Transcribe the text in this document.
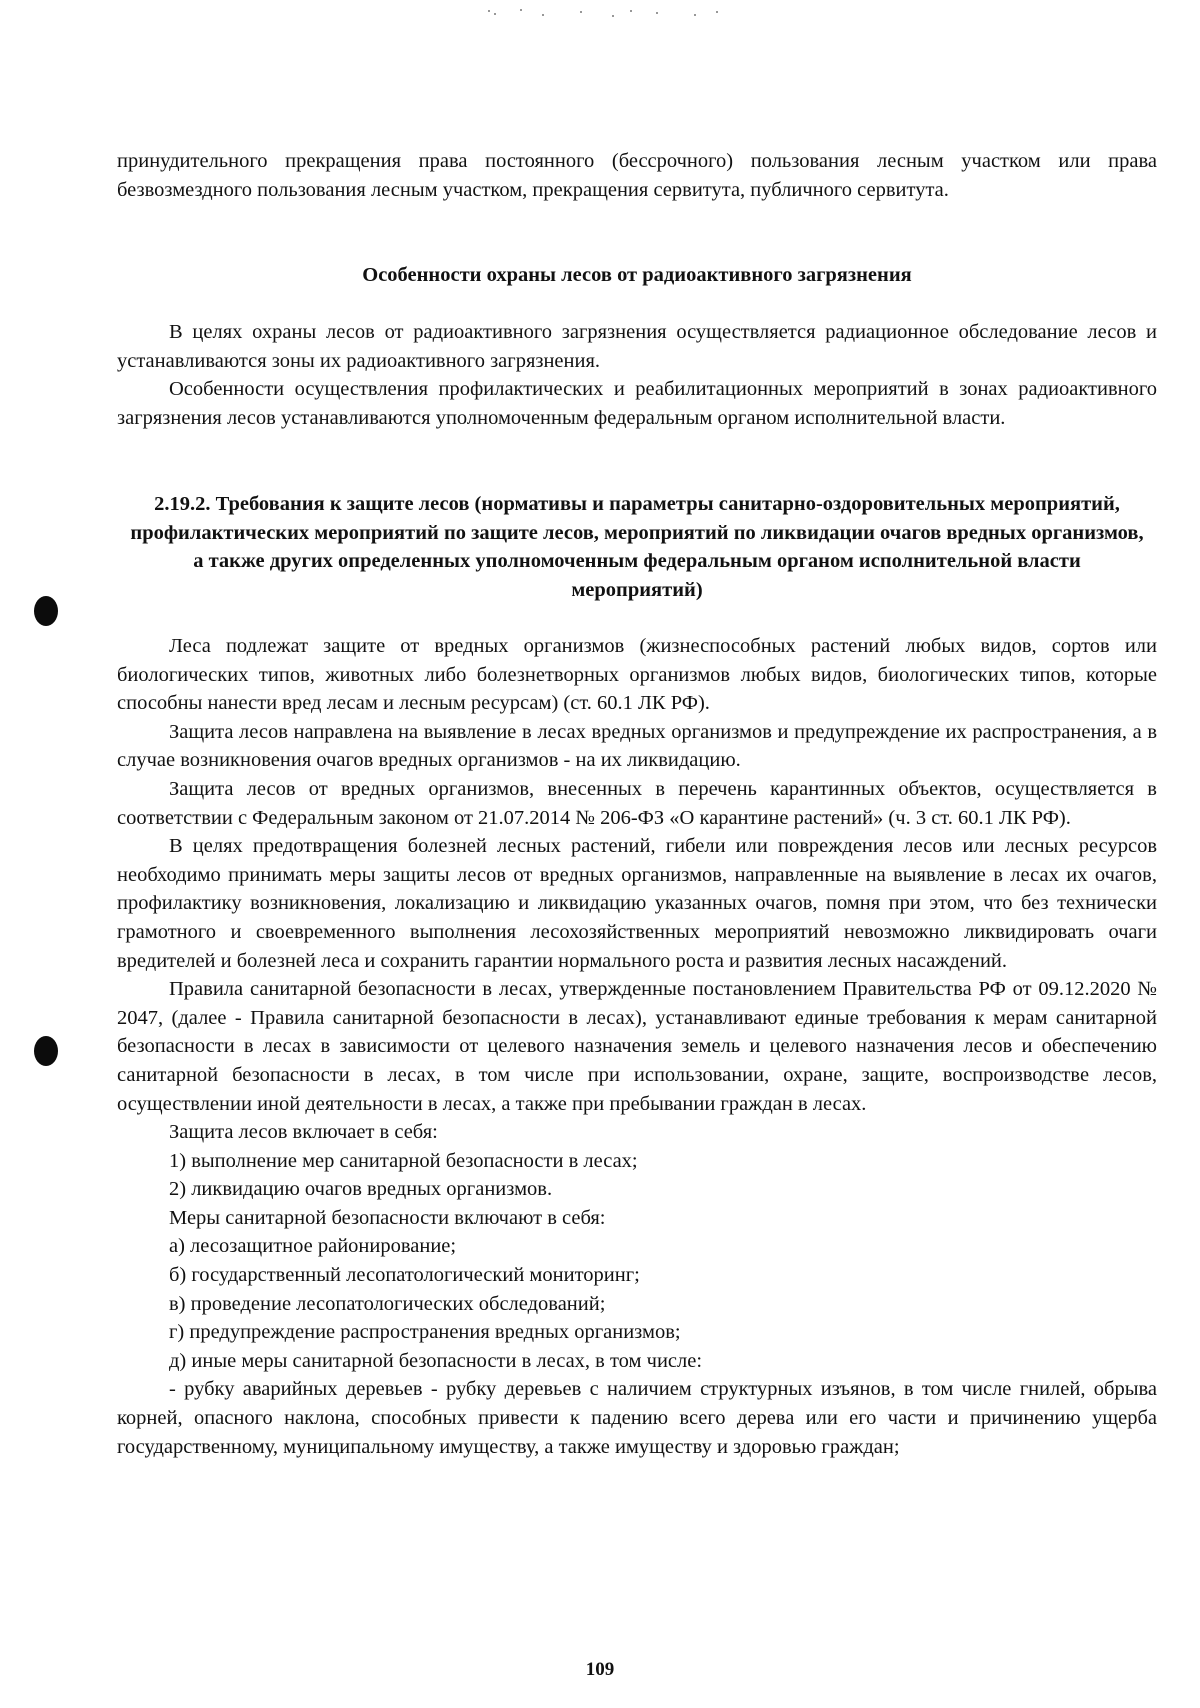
принудительного прекращения права постоянного (бессрочного) пользования лесным участком или права безвозмездного пользования лесным участком, прекращения сервитута, публичного сервитута.

Особенности охраны лесов от радиоактивного загрязнения

В целях охраны лесов от радиоактивного загрязнения осуществляется радиационное обследование лесов и устанавливаются зоны их радиоактивного загрязнения.

Особенности осуществления профилактических и реабилитационных мероприятий в зонах радиоактивного загрязнения лесов устанавливаются уполномоченным федеральным органом исполнительной власти.

2.19.2. Требования к защите лесов (нормативы и параметры санитарно-оздоровительных мероприятий, профилактических мероприятий по защите лесов, мероприятий по ликвидации очагов вредных организмов, а также других определенных уполномоченным федеральным органом исполнительной власти мероприятий)

Леса подлежат защите от вредных организмов (жизнеспособных растений любых видов, сортов или биологических типов, животных либо болезнетворных организмов любых видов, биологических типов, которые способны нанести вред лесам и лесным ресурсам) (ст. 60.1 ЛК РФ).

Защита лесов направлена на выявление в лесах вредных организмов и предупреждение их распространения, а в случае возникновения очагов вредных организмов - на их ликвидацию.

Защита лесов от вредных организмов, внесенных в перечень карантинных объектов, осуществляется в соответствии с Федеральным законом от 21.07.2014 № 206-ФЗ «О карантине растений» (ч. 3 ст. 60.1 ЛК РФ).

В целях предотвращения болезней лесных растений, гибели или повреждения лесов или лесных ресурсов необходимо принимать меры защиты лесов от вредных организмов, направленные на выявление в лесах их очагов, профилактику возникновения, локализацию и ликвидацию указанных очагов, помня при этом, что без технически грамотного и своевременного выполнения лесохозяйственных мероприятий невозможно ликвидировать очаги вредителей и болезней леса и сохранить гарантии нормального роста и развития лесных насаждений.

Правила санитарной безопасности в лесах, утвержденные постановлением Правительства РФ от 09.12.2020 № 2047, (далее - Правила санитарной безопасности в лесах), устанавливают единые требования к мерам санитарной безопасности в лесах в зависимости от целевого назначения земель и целевого назначения лесов и обеспечению санитарной безопасности в лесах, в том числе при использовании, охране, защите, воспроизводстве лесов, осуществлении иной деятельности в лесах, а также при пребывании граждан в лесах.

Защита лесов включает в себя:

1) выполнение мер санитарной безопасности в лесах;

2) ликвидацию очагов вредных организмов.

Меры санитарной безопасности включают в себя:

а) лесозащитное районирование;

б) государственный лесопатологический мониторинг;

в) проведение лесопатологических обследований;

г) предупреждение распространения вредных организмов;

д) иные меры санитарной безопасности в лесах, в том числе:

- рубку аварийных деревьев - рубку деревьев с наличием структурных изъянов, в том числе гнилей, обрыва корней, опасного наклона, способных привести к падению всего дерева или его части и причинению ущерба государственному, муниципальному имуществу, а также имуществу и здоровью граждан;

109
